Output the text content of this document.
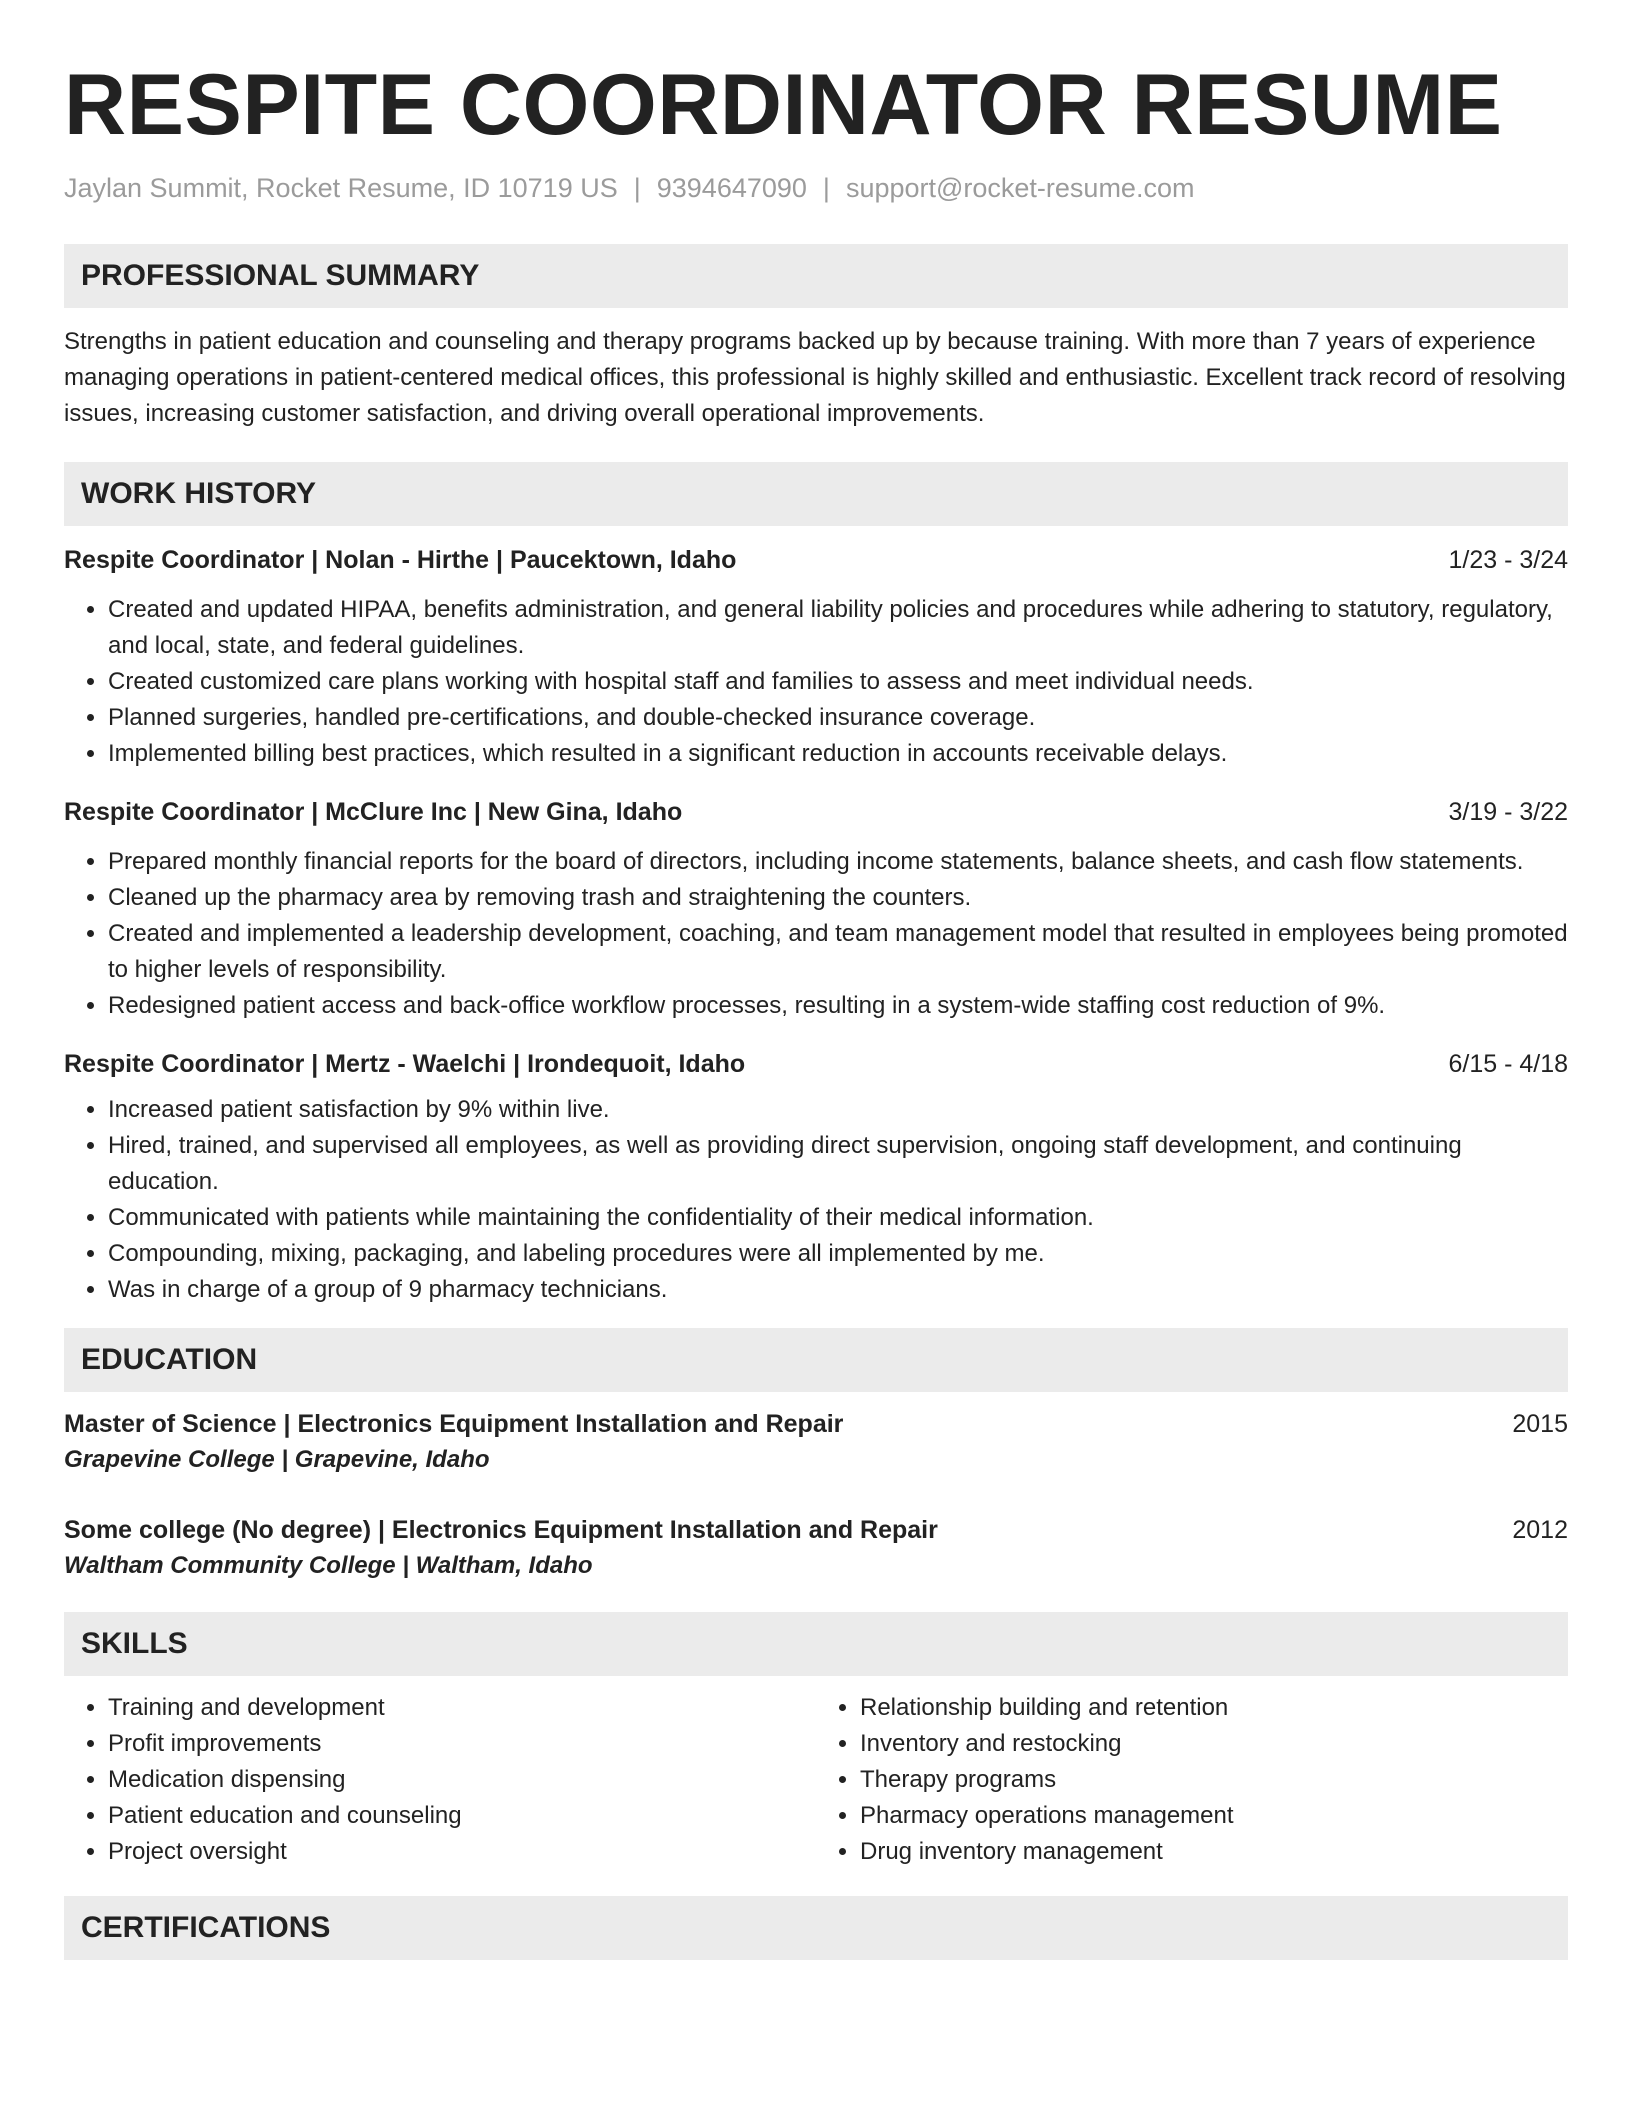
RESPITE COORDINATOR RESUME
Jaylan Summit, Rocket Resume, ID 10719 US | 9394647090 | support@rocket-resume.com
PROFESSIONAL SUMMARY

Strengths in patient education and counseling and therapy programs backed up by because training. With more than 7 years of experience managing operations in patient-centered medical offices, this professional is highly skilled and enthusiastic. Excellent track record of resolving issues, increasing customer satisfaction, and driving overall operational improvements.

WORK HISTORY
Respite Coordinator | Nolan - Hirthe | Paucektown, Idaho	1/23 - 3/24
• Created and updated HIPAA, benefits administration, and general liability policies and procedures while adhering to statutory, regulatory, and local, state, and federal guidelines.
• Created customized care plans working with hospital staff and families to assess and meet individual needs.
• Planned surgeries, handled pre-certifications, and double-checked insurance coverage.
• Implemented billing best practices, which resulted in a significant reduction in accounts receivable delays.
Respite Coordinator | McClure Inc | New Gina, Idaho	3/19 - 3/22
• Prepared monthly financial reports for the board of directors, including income statements, balance sheets, and cash flow statements.
• Cleaned up the pharmacy area by removing trash and straightening the counters.
• Created and implemented a leadership development, coaching, and team management model that resulted in employees being promoted to higher levels of responsibility.
• Redesigned patient access and back-office workflow processes, resulting in a system-wide staffing cost reduction of 9%.
Respite Coordinator | Mertz - Waelchi | Irondequoit, Idaho	6/15 - 4/18
• Increased patient satisfaction by 9% within live.
• Hired, trained, and supervised all employees, as well as providing direct supervision, ongoing staff development, and continuing education.
• Communicated with patients while maintaining the confidentiality of their medical information.
• Compounding, mixing, packaging, and labeling procedures were all implemented by me.
• Was in charge of a group of 9 pharmacy technicians.
EDUCATION
Master of Science | Electronics Equipment Installation and Repair	2015
Grapevine College | Grapevine, Idaho
Some college (No degree) | Electronics Equipment Installation and Repair	2012
Waltham Community College | Waltham, Idaho
SKILLS
• Training and development
• Profit improvements
• Medication dispensing
• Patient education and counseling
• Project oversight
• Relationship building and retention
• Inventory and restocking
• Therapy programs
• Pharmacy operations management
• Drug inventory management
CERTIFICATIONS
